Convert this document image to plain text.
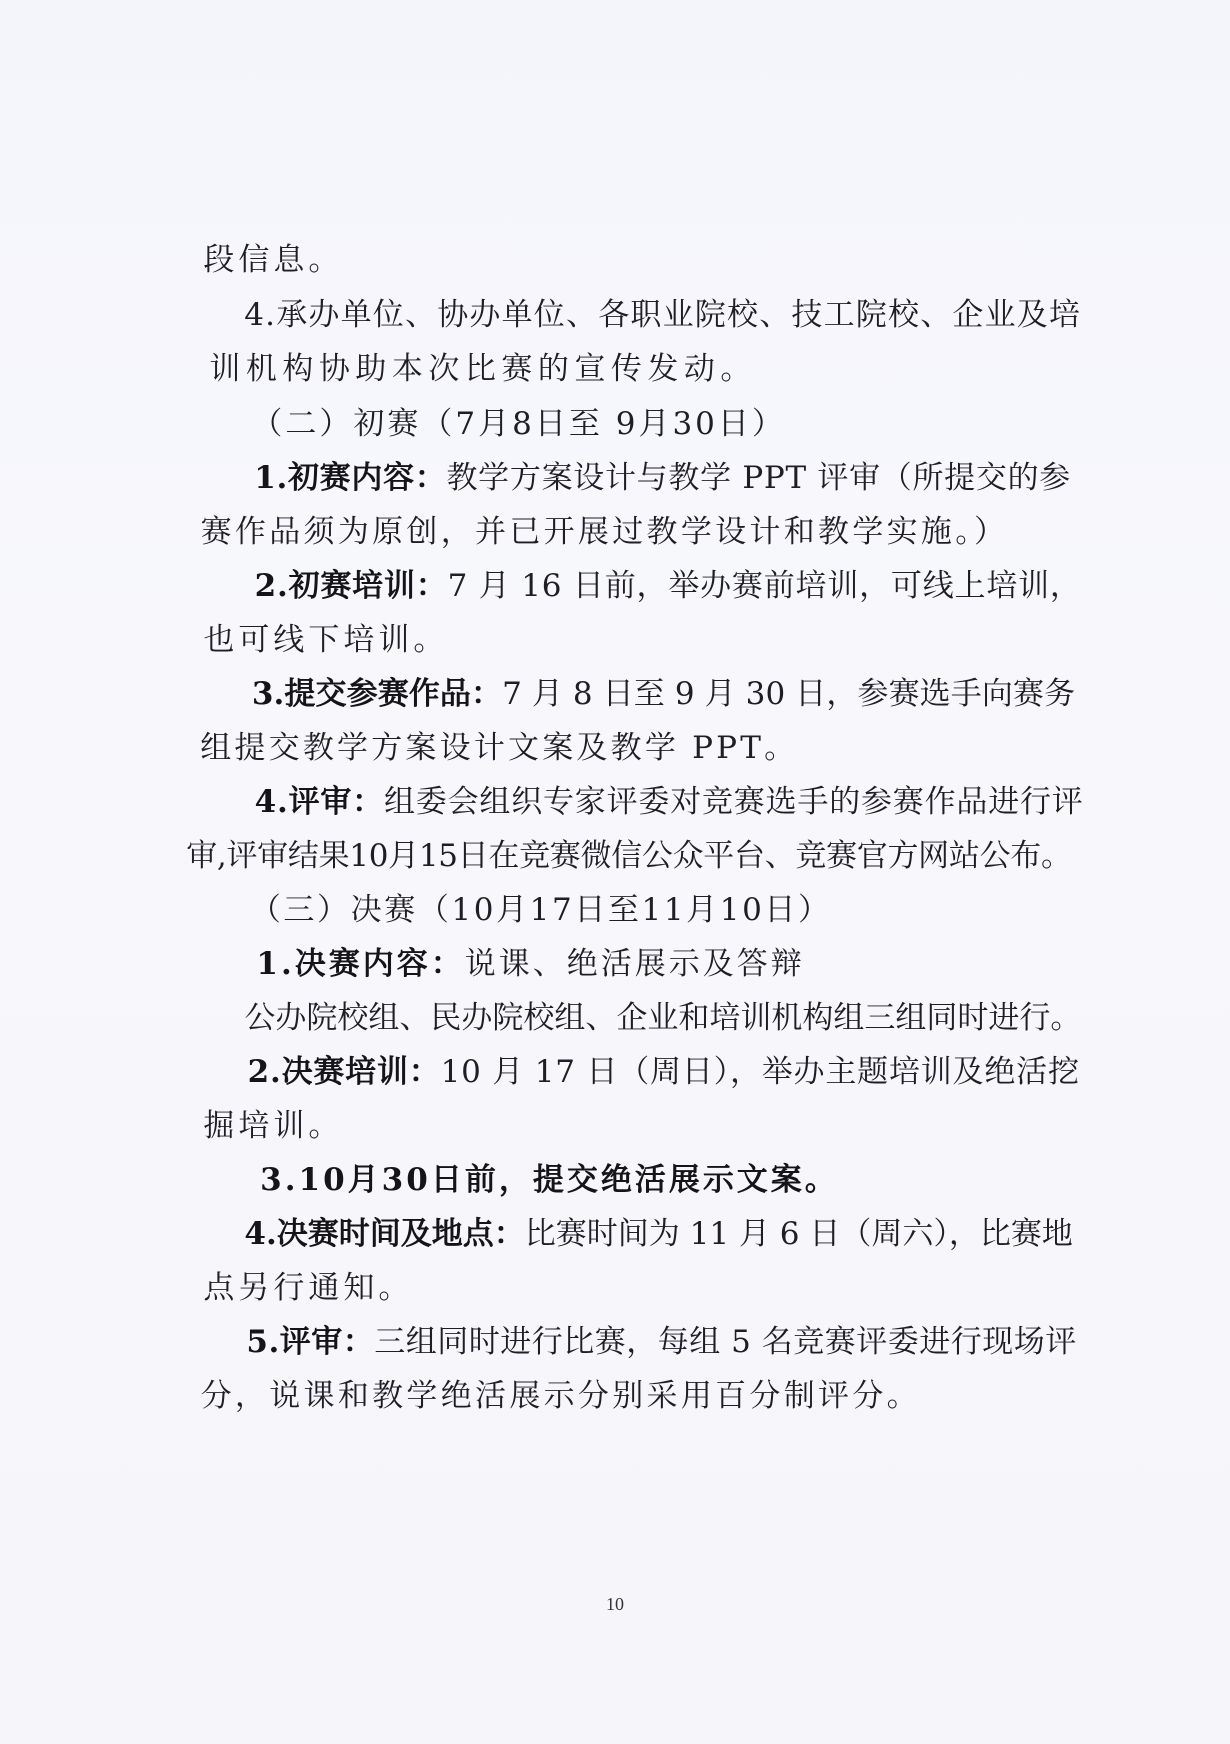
段信息。

4.承办单位、协办单位、各职业院校、技工院校、企业及培

训机构协助本次比赛的宣传发动。

（二）初赛（7月8日至 9月30日）

1.初赛内容：教学方案设计与教学 PPT 评审（所提交的参

赛作品须为原创，并已开展过教学设计和教学实施。）

2.初赛培训：7 月 16 日前，举办赛前培训，可线上培训，

也可线下培训。

3.提交参赛作品：7 月 8 日至 9 月 30 日，参赛选手向赛务

组提交教学方案设计文案及教学 PPT。

4.评审：组委会组织专家评委对竞赛选手的参赛作品进行评

审,评审结果10月15日在竞赛微信公众平台、竞赛官方网站公布。

（三）决赛（10月17日至11月10日）

1.决赛内容：说课、绝活展示及答辩

公办院校组、民办院校组、企业和培训机构组三组同时进行。

2.决赛培训：10 月 17 日（周日），举办主题培训及绝活挖

掘培训。

3.10月30日前，提交绝活展示文案。

4.决赛时间及地点：比赛时间为 11 月 6 日（周六），比赛地

点另行通知。

5.评审：三组同时进行比赛，每组 5 名竞赛评委进行现场评

分，说课和教学绝活展示分别采用百分制评分。

10
